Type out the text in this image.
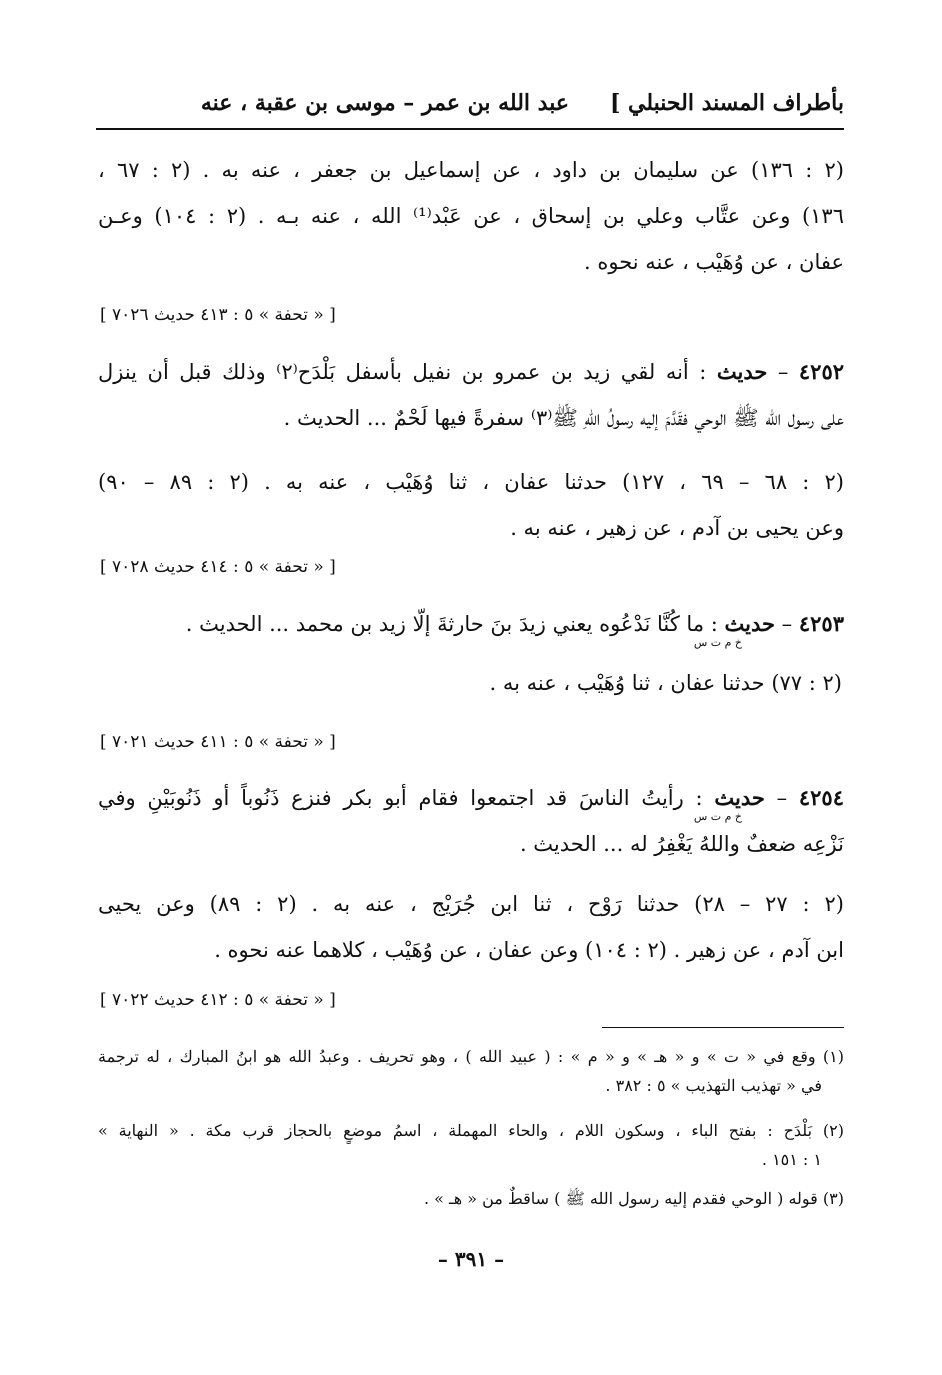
بأطراف المسند الحنبلي ]
عبد الله بن عمر – موسى بن عقبة ، عنه
(٢ : ١٣٦) عن سليمان بن داود ، عن إسماعيل بن جعفر ، عنه به . (٢ : ٦٧ ،
١٣٦) وعن عتَّاب وعلي بن إسحاق ، عن عَبْد⁽¹⁾ الله ، عنه بـه . (٢ : ١٠٤) وعـن
عفان ، عن وُهَيْب ، عنه نحوه .
[ « تحفة » ٥ : ٤١٣ حديث ٧٠٢٦ ]
٤٢٥٢ – حديث : أنه لقي زيد بن عمرو بن نفيل بأسفل بَلْدَح⁽٢⁾ وذلك قبل أن ينزل
على رسول الله ﷺ الوحي فقَدَّمَ إليه رسولُ اللهِ ﷺ⁽٣⁾ سفرةً فيها لَحْمٌ ... الحديث .
(٢ : ٦٨ – ٦٩ ، ١٢٧) حدثنا عفان ، ثنا وُهَيْب ، عنه به . (٢ : ٨٩ – ٩٠)
وعن يحيى بن آدم ، عن زهير ، عنه به .
[ « تحفة » ٥ : ٤١٤ حديث ٧٠٢٨ ]
٤٢٥٣ – حديث : ما كُنَّا نَدْعُوه يعني زيدَ بنَ حارثةَ إلّا زيد بن محمد ... الحديث .
خ م ت س
(٢ : ٧٧) حدثنا عفان ، ثنا وُهَيْب ، عنه به .
[ « تحفة » ٥ : ٤١١ حديث ٧٠٢١ ]
٤٢٥٤ – حديث : رأيتُ الناسَ قد اجتمعوا فقام أبو بكر فنزع ذَنُوباً أو ذَنُوبَيْنِ وفي
خ م ت س
نَزْعِه ضعفٌ واللهُ يَغْفِرُ له ... الحديث .
(٢ : ٢٧ – ٢٨) حدثنا رَوْح ، ثنا ابن جُرَيْج ، عنه به . (٢ : ٨٩) وعن يحيى
ابن آدم ، عن زهير . (٢ : ١٠٤) وعن عفان ، عن وُهَيْب ، كلاهما عنه نحوه .
[ « تحفة » ٥ : ٤١٢ حديث ٧٠٢٢ ]
(١) وقع في « ت » و « هـ » و « م » : ( عبيد الله ) ، وهو تحريف . وعبدُ الله هو ابنُ المبارك ، له ترجمة
في « تهذيب التهذيب » ٥ : ٣٨٢ .
(٢) بَلْدَح : بفتح الباء ، وسكون اللام ، والحاء المهملة ، اسمُ موضعٍ بالحجاز قرب مكة . « النهاية »
١ : ١٥١ .
(٣) قوله ( الوحي فقدم إليه رسول الله ﷺ ) ساقطٌ من « هـ » .
– ٣٩١ –
